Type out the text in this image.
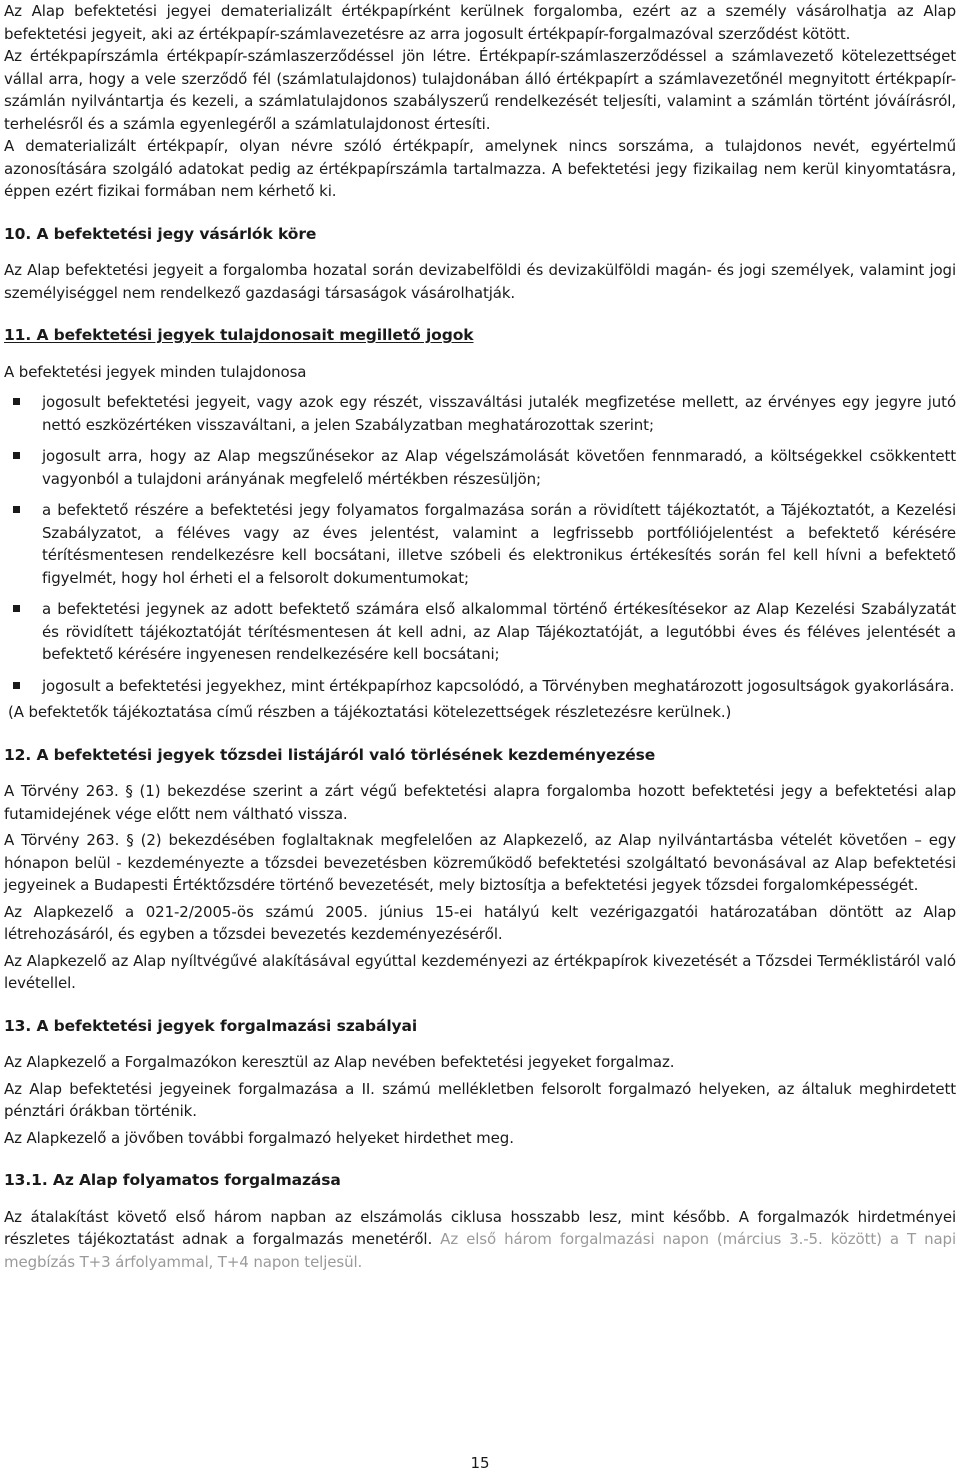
Az Alap befektetési jegyei dematerializált értékpapírként kerülnek forgalomba, ezért az a személy vásárolhatja az Alap befektetési jegyeit, aki az értékpapír-számlavezetésre az arra jogosult értékpapír-forgalmazóval szerződést kötött.

Az értékpapírszámla értékpapír-számlaszerződéssel jön létre. Értékpapír-számlaszerződéssel a számlavezető kötelezettséget vállal arra, hogy a vele szerződő fél (számlatulajdonos) tulajdonában álló értékpapírt a számlavezetőnél megnyitott értékpapír-számlán nyilvántartja és kezeli, a számlatulajdonos szabályszerű rendelkezését teljesíti, valamint a számlán történt jóváírásról, terhelésről és a számla egyenlegéről a számlatulajdonost értesíti.

A dematerializált értékpapír, olyan névre szóló értékpapír, amelynek nincs sorszáma, a tulajdonos nevét, egyértelmű azonosítására szolgáló adatokat pedig az értékpapírszámla tartalmazza. A befektetési jegy fizikailag nem kerül kinyomtatásra, éppen ezért fizikai formában nem kérhető ki.

10. A befektetési jegy vásárlók köre

Az Alap befektetési jegyeit a forgalomba hozatal során devizabelföldi és devizakülföldi magán- és jogi személyek, valamint jogi személyiséggel nem rendelkező gazdasági társaságok vásárolhatják.

11. A befektetési jegyek tulajdonosait megillető jogok

A befektetési jegyek minden tulajdonosa

jogosult befektetési jegyeit, vagy azok egy részét, visszaváltási jutalék megfizetése mellett, az érvényes egy jegyre jutó nettó eszközértéken visszaváltani, a jelen Szabályzatban meghatározottak szerint;
jogosult arra, hogy az Alap megszűnésekor az Alap végelszámolását követően fennmaradó, a költségekkel csökkentett vagyonból a tulajdoni arányának megfelelő mértékben részesüljön;
a befektető részére a befektetési jegy folyamatos forgalmazása során a rövidített tájékoztatót, a Tájékoztatót, a Kezelési Szabályzatot, a féléves vagy az éves jelentést, valamint a legfrissebb portfóliójelentést a befektető kérésére térítésmentesen rendelkezésre kell bocsátani, illetve szóbeli és elektronikus értékesítés során fel kell hívni a befektető figyelmét, hogy hol érheti el a felsorolt dokumentumokat;
a befektetési jegynek az adott befektető számára első alkalommal történő értékesítésekor az Alap Kezelési Szabályzatát és rövidített tájékoztatóját térítésmentesen át kell adni, az Alap Tájékoztatóját, a legutóbbi éves és féléves jelentését a befektető kérésére ingyenesen rendelkezésére kell bocsátani;
jogosult a befektetési jegyekhez, mint értékpapírhoz kapcsolódó, a Törvényben meghatározott jogosultságok gyakorlására.

(A befektetők tájékoztatása című részben a tájékoztatási kötelezettségek részletezésre kerülnek.)

12. A befektetési jegyek tőzsdei listájáról való törlésének kezdeményezése

A Törvény 263. § (1) bekezdése szerint a zárt végű befektetési alapra forgalomba hozott befektetési jegy a befektetési alap futamidejének vége előtt nem váltható vissza.

A Törvény 263. § (2) bekezdésében foglaltaknak megfelelően az Alapkezelő, az Alap nyilvántartásba vételét követően – egy hónapon belül - kezdeményezte a tőzsdei bevezetésben közreműködő befektetési szolgáltató bevonásával az Alap befektetési jegyeinek a Budapesti Értéktőzsdére történő bevezetését, mely biztosítja a befektetési jegyek tőzsdei forgalomképességét.

Az Alapkezelő a 021-2/2005-ös számú 2005. június 15-ei hatályú kelt vezérigazgatói határozatában döntött az Alap létrehozásáról, és egyben a tőzsdei bevezetés kezdeményezéséről.

Az Alapkezelő az Alap nyíltvégűvé alakításával egyúttal kezdeményezi az értékpapírok kivezetését a Tőzsdei Terméklistáról való levétellel.

13. A befektetési jegyek forgalmazási szabályai

Az Alapkezelő a Forgalmazókon keresztül az Alap nevében befektetési jegyeket forgalmaz.

Az Alap befektetési jegyeinek forgalmazása a II. számú mellékletben felsorolt forgalmazó helyeken, az általuk meghirdetett pénztári órákban történik.

Az Alapkezelő a jövőben további forgalmazó helyeket hirdethet meg.

13.1. Az Alap folyamatos forgalmazása

Az átalakítást követő első három napban az elszámolás ciklusa hosszabb lesz, mint később. A forgalmazók hirdetményei részletes tájékoztatást adnak a forgalmazás menetéről. Az első három forgalmazási napon (március 3.-5. között) a T napi megbízás T+3 árfolyammal, T+4 napon teljesül.

15
